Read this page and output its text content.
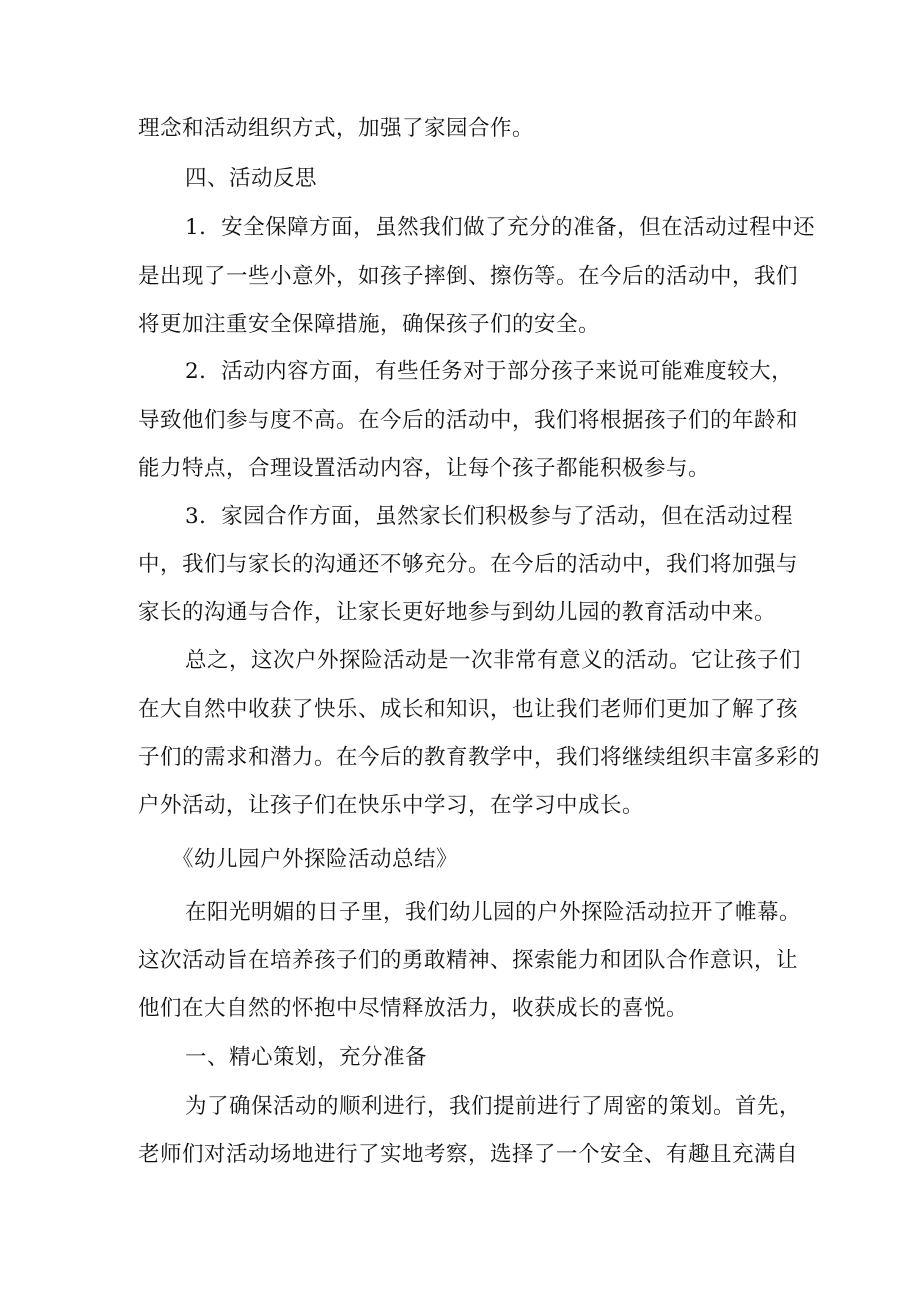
理念和活动组织方式，加强了家园合作。
四、活动反思
1．安全保障方面，虽然我们做了充分的准备，但在活动过程中还
是出现了一些小意外，如孩子摔倒、擦伤等。在今后的活动中，我们
将更加注重安全保障措施，确保孩子们的安全。
2．活动内容方面，有些任务对于部分孩子来说可能难度较大，
导致他们参与度不高。在今后的活动中，我们将根据孩子们的年龄和
能力特点，合理设置活动内容，让每个孩子都能积极参与。
3．家园合作方面，虽然家长们积极参与了活动，但在活动过程
中，我们与家长的沟通还不够充分。在今后的活动中，我们将加强与
家长的沟通与合作，让家长更好地参与到幼儿园的教育活动中来。
总之，这次户外探险活动是一次非常有意义的活动。它让孩子们
在大自然中收获了快乐、成长和知识，也让我们老师们更加了解了孩
子们的需求和潜力。在今后的教育教学中，我们将继续组织丰富多彩的
户外活动，让孩子们在快乐中学习，在学习中成长。
《幼儿园户外探险活动总结》
在阳光明媚的日子里，我们幼儿园的户外探险活动拉开了帷幕。
这次活动旨在培养孩子们的勇敢精神、探索能力和团队合作意识，让
他们在大自然的怀抱中尽情释放活力，收获成长的喜悦。
一、精心策划，充分准备
为了确保活动的顺利进行，我们提前进行了周密的策划。首先，
老师们对活动场地进行了实地考察，选择了一个安全、有趣且充满自
